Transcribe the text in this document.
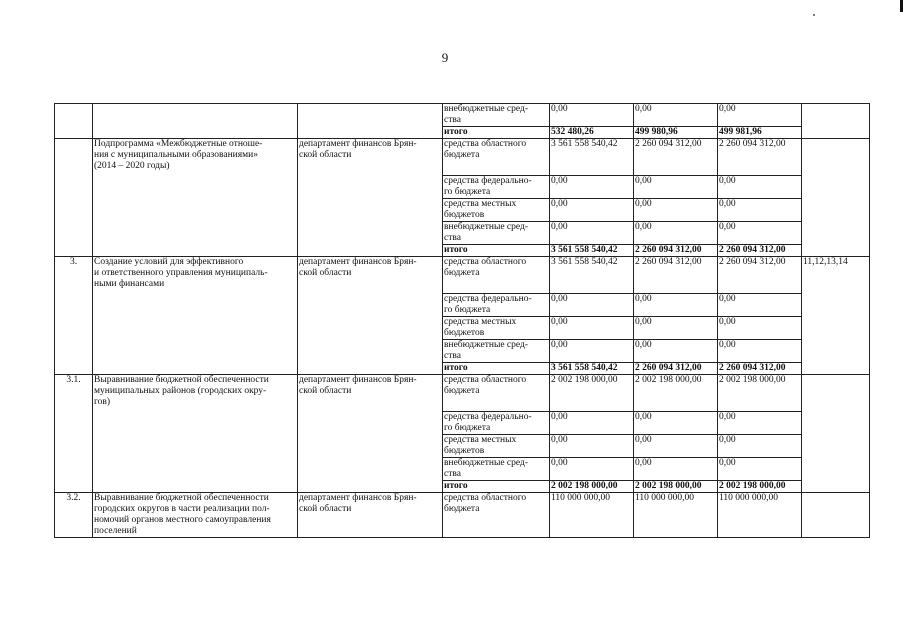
9
			внебюджетные сред-
ства	0,00	0,00	0,00	
			итого	532 480,26	499 980,96	499 981,96	
	Подпрограмма «Межбюджетные отноше-
ния с муниципальными образованиями»
(2014 – 2020 годы)	департамент финансов Брян-
ской области	средства областного
бюджета	3 561 558 540,42	2 260 094 312,00	2 260 094 312,00	
			средства федерально-
го бюджета	0,00	0,00	0,00	
			средства местных
бюджетов	0,00	0,00	0,00	
			внебюджетные сред-
ства	0,00	0,00	0,00	
			итого	3 561 558 540,42	2 260 094 312,00	2 260 094 312,00	
3.	Создание условий для эффективного
и ответственного управления муниципаль-
ными финансами	департамент финансов Брян-
ской области	средства областного
бюджета	3 561 558 540,42	2 260 094 312,00	2 260 094 312,00	11,12,13,14
			средства федерально-
го бюджета	0,00	0,00	0,00	
			средства местных
бюджетов	0,00	0,00	0,00	
			внебюджетные сред-
ства	0,00	0,00	0,00	
			итого	3 561 558 540,42	2 260 094 312,00	2 260 094 312,00	
3.1.	Выравнивание бюджетной обеспеченности
муниципальных районов (городских окру-
гов)	департамент финансов Брян-
ской области	средства областного
бюджета	2 002 198 000,00	2 002 198 000,00	2 002 198 000,00	
			средства федерально-
го бюджета	0,00	0,00	0,00	
			средства местных
бюджетов	0,00	0,00	0,00	
			внебюджетные сред-
ства	0,00	0,00	0,00	
			итого	2 002 198 000,00	2 002 198 000,00	2 002 198 000,00	
3.2.	Выравнивание бюджетной обеспеченности
городских округов в части реализации пол-
номочий органов местного самоуправления
поселений	департамент финансов Брян-
ской области	средства областного
бюджета	110 000 000,00	110 000 000,00	110 000 000,00	
